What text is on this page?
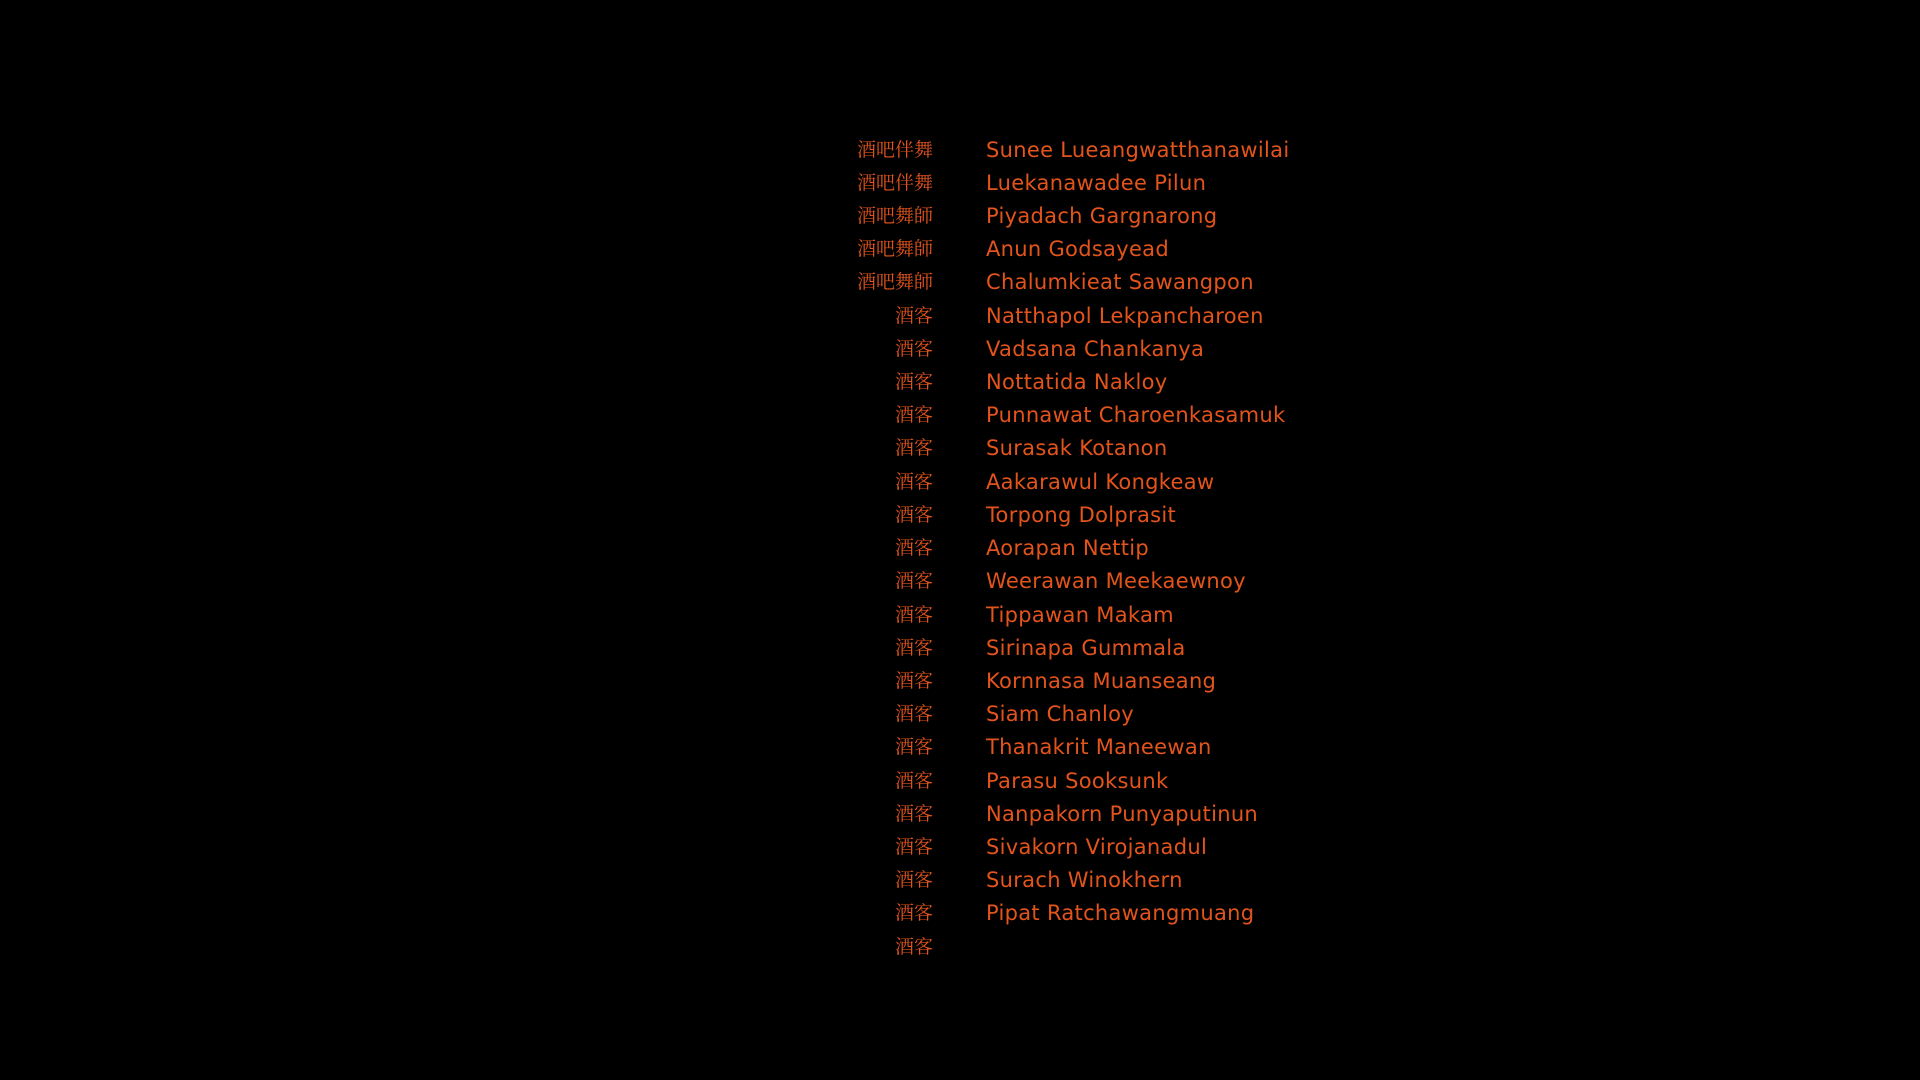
酒吧伴舞	Sunee Lueangwatthanawilai
酒吧伴舞	Luekanawadee Pilun
酒吧舞師	Piyadach Gargnarong
酒吧舞師	Anun Godsayead
酒吧舞師	Chalumkieat Sawangpon
酒客	Natthapol Lekpancharoen
酒客	Vadsana Chankanya
酒客	Nottatida Nakloy
酒客	Punnawat Charoenkasamuk
酒客	Surasak Kotanon
酒客	Aakarawul Kongkeaw
酒客	Torpong Dolprasit
酒客	Aorapan Nettip
酒客	Weerawan Meekaewnoy
酒客	Tippawan Makam
酒客	Sirinapa Gummala
酒客	Kornnasa Muanseang
酒客	Siam Chanloy
酒客	Thanakrit Maneewan
酒客	Parasu Sooksunk
酒客	Nanpakorn Punyaputinun
酒客	Sivakorn Virojanadul
酒客	Surach Winokhern
酒客	Pipat Ratchawangmuang
酒客
